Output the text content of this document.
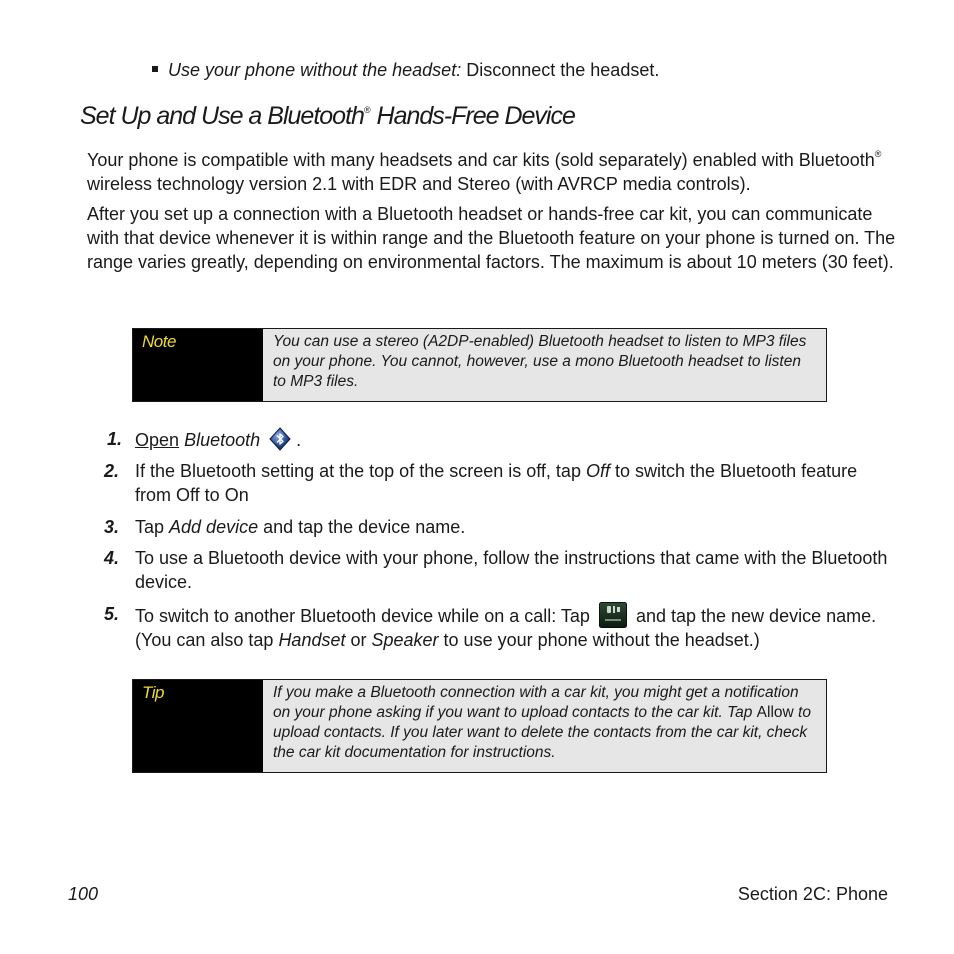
Use your phone without the headset: Disconnect the headset.
Set Up and Use a Bluetooth® Hands-Free Device
Your phone is compatible with many headsets and car kits (sold separately) enabled with Bluetooth® wireless technology version 2.1 with EDR and Stereo (with AVRCP media controls).
After you set up a connection with a Bluetooth headset or hands-free car kit, you can communicate with that device whenever it is within range and the Bluetooth feature on your phone is turned on. The range varies greatly, depending on environmental factors. The maximum is about 10 meters (30 feet).
Note	You can use a stereo (A2DP-enabled) Bluetooth headset to listen to MP3 files on your phone. You cannot, however, use a mono Bluetooth headset to listen to MP3 files.
1. Open Bluetooth .
2. If the Bluetooth setting at the top of the screen is off, tap Off to switch the Bluetooth feature from Off to On
3. Tap Add device and tap the device name.
4. To use a Bluetooth device with your phone, follow the instructions that came with the Bluetooth device.
5. To switch to another Bluetooth device while on a call: Tap  and tap the new device name. (You can also tap Handset or Speaker to use your phone without the headset.)
Tip	If you make a Bluetooth connection with a car kit, you might get a notification on your phone asking if you want to upload contacts to the car kit. Tap Allow to upload contacts. If you later want to delete the contacts from the car kit, check the car kit documentation for instructions.
100	Section 2C: Phone
